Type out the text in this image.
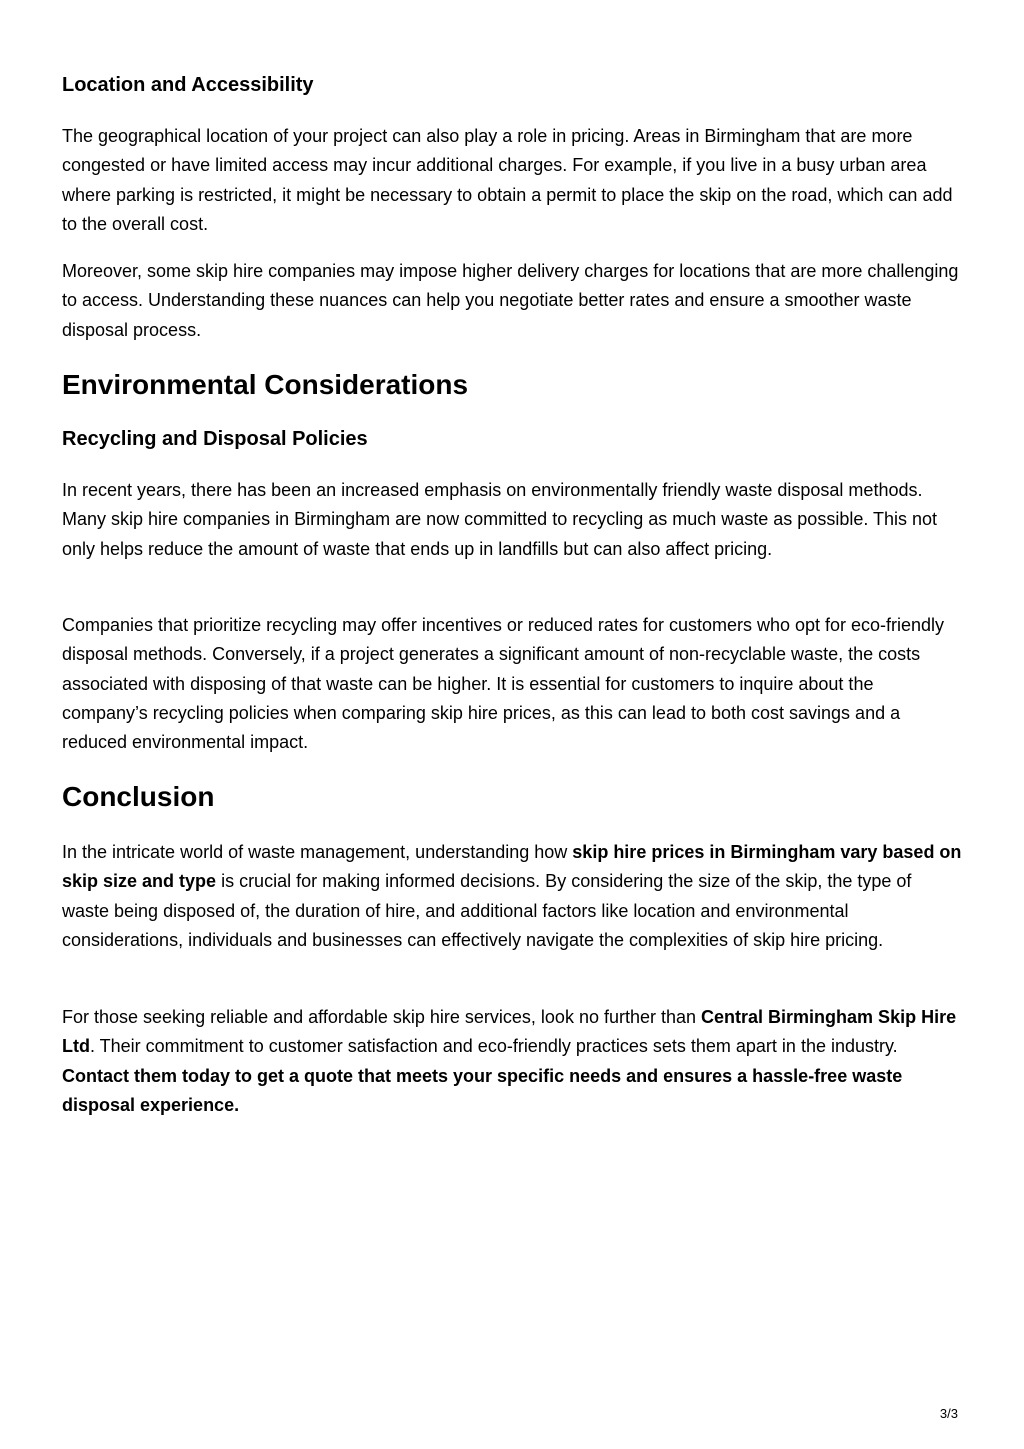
Location and Accessibility

The geographical location of your project can also play a role in pricing. Areas in Birmingham that are more congested or have limited access may incur additional charges. For example, if you live in a busy urban area where parking is restricted, it might be necessary to obtain a permit to place the skip on the road, which can add to the overall cost.

Moreover, some skip hire companies may impose higher delivery charges for locations that are more challenging to access. Understanding these nuances can help you negotiate better rates and ensure a smoother waste disposal process.

Environmental Considerations
Recycling and Disposal Policies

In recent years, there has been an increased emphasis on environmentally friendly waste disposal methods. Many skip hire companies in Birmingham are now committed to recycling as much waste as possible. This not only helps reduce the amount of waste that ends up in landfills but can also affect pricing.

Companies that prioritize recycling may offer incentives or reduced rates for customers who opt for eco-friendly disposal methods. Conversely, if a project generates a significant amount of non-recyclable waste, the costs associated with disposing of that waste can be higher. It is essential for customers to inquire about the company’s recycling policies when comparing skip hire prices, as this can lead to both cost savings and a reduced environmental impact.

Conclusion

In the intricate world of waste management, understanding how skip hire prices in Birmingham vary based on skip size and type is crucial for making informed decisions. By considering the size of the skip, the type of waste being disposed of, the duration of hire, and additional factors like location and environmental considerations, individuals and businesses can effectively navigate the complexities of skip hire pricing.

For those seeking reliable and affordable skip hire services, look no further than Central Birmingham Skip Hire Ltd. Their commitment to customer satisfaction and eco-friendly practices sets them apart in the industry. Contact them today to get a quote that meets your specific needs and ensures a hassle-free waste disposal experience.

3/3
